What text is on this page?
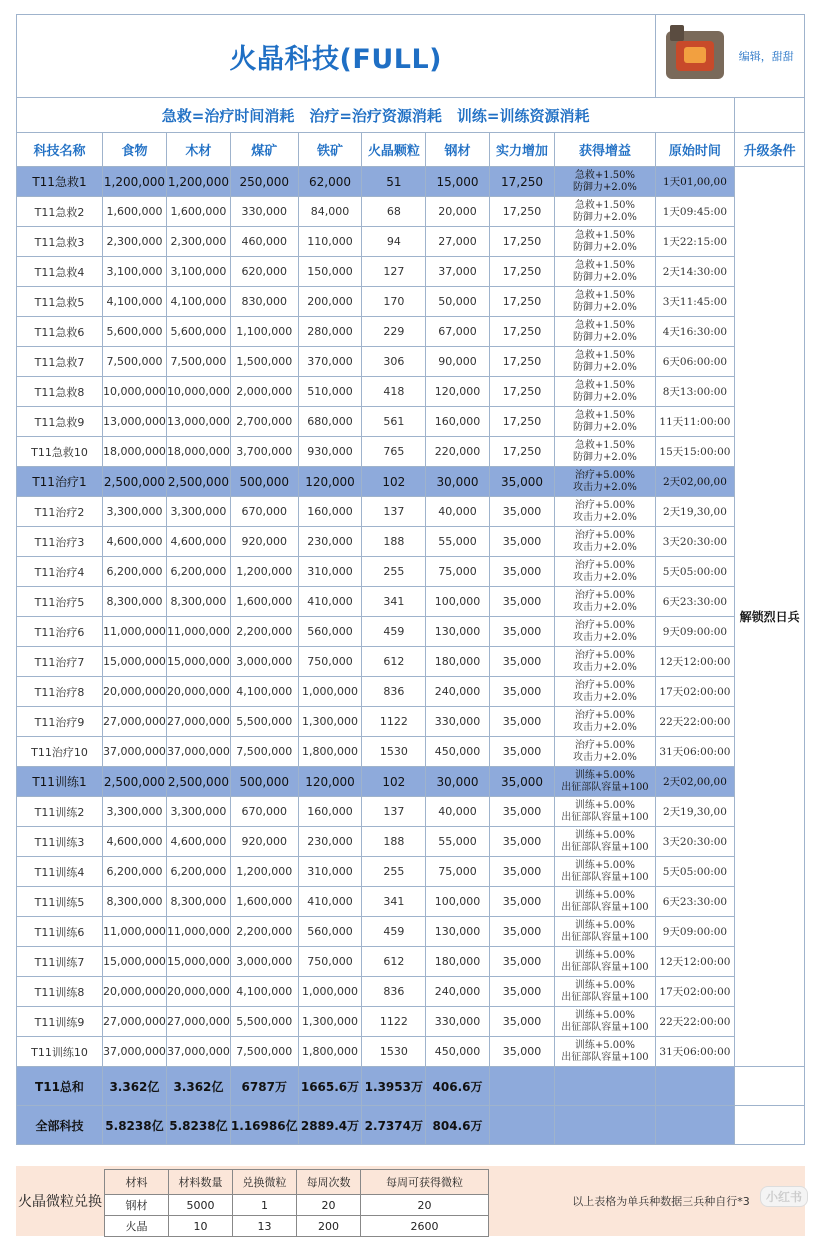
火晶科技(FULL)										编辑，甜甜
急救=治疗时间消耗　治疗=治疗资源消耗　训练=训练资源消耗										
科技名称	食物	木材	煤矿	铁矿	火晶颗粒	钢材	实力增加	获得增益	原始时间	升级条件
T11急救1	1,200,000	1,200,000	250,000	62,000	51	15,000	17,250	急救+1.50%
防御力+2.0%	1天01,00,00	解锁烈日兵
T11急救2	1,600,000	1,600,000	330,000	84,000	68	20,000	17,250	急救+1.50%
防御力+2.0%	1天09:45:00	
T11急救3	2,300,000	2,300,000	460,000	110,000	94	27,000	17,250	急救+1.50%
防御力+2.0%	1天22:15:00	
T11急救4	3,100,000	3,100,000	620,000	150,000	127	37,000	17,250	急救+1.50%
防御力+2.0%	2天14:30:00	
T11急救5	4,100,000	4,100,000	830,000	200,000	170	50,000	17,250	急救+1.50%
防御力+2.0%	3天11:45:00	
T11急救6	5,600,000	5,600,000	1,100,000	280,000	229	67,000	17,250	急救+1.50%
防御力+2.0%	4天16:30:00	
T11急救7	7,500,000	7,500,000	1,500,000	370,000	306	90,000	17,250	急救+1.50%
防御力+2.0%	6天06:00:00	
T11急救8	10,000,000	10,000,000	2,000,000	510,000	418	120,000	17,250	急救+1.50%
防御力+2.0%	8天13:00:00	
T11急救9	13,000,000	13,000,000	2,700,000	680,000	561	160,000	17,250	急救+1.50%
防御力+2.0%	11天11:00:00	
T11急救10	18,000,000	18,000,000	3,700,000	930,000	765	220,000	17,250	急救+1.50%
防御力+2.0%	15天15:00:00	
T11治疗1	2,500,000	2,500,000	500,000	120,000	102	30,000	35,000	治疗+5.00%
攻击力+2.0%	2天02,00,00	
T11治疗2	3,300,000	3,300,000	670,000	160,000	137	40,000	35,000	治疗+5.00%
攻击力+2.0%	2天19,30,00	
T11治疗3	4,600,000	4,600,000	920,000	230,000	188	55,000	35,000	治疗+5.00%
攻击力+2.0%	3天20:30:00	
T11治疗4	6,200,000	6,200,000	1,200,000	310,000	255	75,000	35,000	治疗+5.00%
攻击力+2.0%	5天05:00:00	
T11治疗5	8,300,000	8,300,000	1,600,000	410,000	341	100,000	35,000	治疗+5.00%
攻击力+2.0%	6天23:30:00	
T11治疗6	11,000,000	11,000,000	2,200,000	560,000	459	130,000	35,000	治疗+5.00%
攻击力+2.0%	9天09:00:00	
T11治疗7	15,000,000	15,000,000	3,000,000	750,000	612	180,000	35,000	治疗+5.00%
攻击力+2.0%	12天12:00:00	
T11治疗8	20,000,000	20,000,000	4,100,000	1,000,000	836	240,000	35,000	治疗+5.00%
攻击力+2.0%	17天02:00:00	
T11治疗9	27,000,000	27,000,000	5,500,000	1,300,000	1122	330,000	35,000	治疗+5.00%
攻击力+2.0%	22天22:00:00	
T11治疗10	37,000,000	37,000,000	7,500,000	1,800,000	1530	450,000	35,000	治疗+5.00%
攻击力+2.0%	31天06:00:00	
T11训练1	2,500,000	2,500,000	500,000	120,000	102	30,000	35,000	训练+5.00%
出征部队容量+100	2天02,00,00	
T11训练2	3,300,000	3,300,000	670,000	160,000	137	40,000	35,000	训练+5.00%
出征部队容量+100	2天19,30,00	
T11训练3	4,600,000	4,600,000	920,000	230,000	188	55,000	35,000	训练+5.00%
出征部队容量+100	3天20:30:00	
T11训练4	6,200,000	6,200,000	1,200,000	310,000	255	75,000	35,000	训练+5.00%
出征部队容量+100	5天05:00:00	
T11训练5	8,300,000	8,300,000	1,600,000	410,000	341	100,000	35,000	训练+5.00%
出征部队容量+100	6天23:30:00	
T11训练6	11,000,000	11,000,000	2,200,000	560,000	459	130,000	35,000	训练+5.00%
出征部队容量+100	9天09:00:00	
T11训练7	15,000,000	15,000,000	3,000,000	750,000	612	180,000	35,000	训练+5.00%
出征部队容量+100	12天12:00:00	
T11训练8	20,000,000	20,000,000	4,100,000	1,000,000	836	240,000	35,000	训练+5.00%
出征部队容量+100	17天02:00:00	
T11训练9	27,000,000	27,000,000	5,500,000	1,300,000	1122	330,000	35,000	训练+5.00%
出征部队容量+100	22天22:00:00	
T11训练10	37,000,000	37,000,000	7,500,000	1,800,000	1530	450,000	35,000	训练+5.00%
出征部队容量+100	31天06:00:00	
T11总和	3.362亿	3.362亿	6787万	1665.6万	1.3953万	406.6万				
全部科技	5.8238亿	5.8238亿	1.16986亿	2889.4万	2.7374万	804.6万				
火晶微粒兑换
材料	材料数量	兑换微粒	每周次数	每周可获得微粒
钢材	5000	1	20	20
火晶	10	13	200	2600
以上表格为单兵种数据三兵种自行*3	小红书
